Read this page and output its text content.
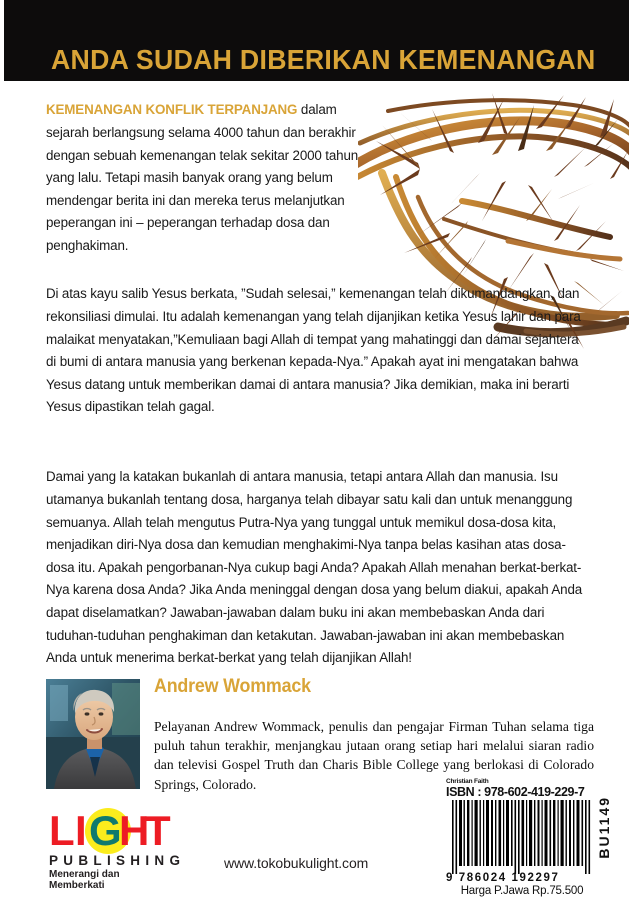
ANDA SUDAH DIBERIKAN KEMENANGAN

KEMENANGAN KONFLIK TERPANJANG dalam sejarah berlangsung selama 4000 tahun dan berakhir dengan sebuah kemenangan telak sekitar 2000 tahun yang lalu. Tetapi masih banyak orang yang belum mendengar berita ini dan mereka terus melanjutkan peperangan ini – peperangan terhadap dosa dan penghakiman.

Di atas kayu salib Yesus berkata, ”Sudah selesai,” kemenangan telah dikumandangkan, dan rekonsiliasi dimulai. Itu adalah kemenangan yang telah dijanjikan ketika Yesus lahir dan para malaikat menyatakan,”Kemuliaan bagi Allah di tempat yang mahatinggi dan damai sejahtera di bumi di antara manusia yang berkenan kepada-Nya.” Apakah ayat ini mengatakan bahwa Yesus datang untuk memberikan damai di antara manusia? Jika demikian, maka ini berarti Yesus dipastikan telah gagal.

Damai yang la katakan bukanlah di antara manusia, tetapi antara Allah dan manusia. Isu utamanya bukanlah tentang dosa, harganya telah dibayar satu kali dan untuk menanggung semuanya. Allah telah mengutus Putra-Nya yang tunggal untuk memikul dosa-dosa kita, menjadikan diri-Nya dosa dan kemudian menghakimi-Nya tanpa belas kasihan atas dosa-dosa itu. Apakah pengorbanan-Nya cukup bagi Anda? Apakah Allah menahan berkat-berkat-Nya karena dosa Anda? Jika Anda meninggal dengan dosa yang belum diakui, apakah Anda dapat diselamatkan? Jawaban-jawaban dalam buku ini akan membebaskan Anda dari tuduhan-tuduhan penghakiman dan ketakutan. Jawaban-jawaban ini akan membebaskan Anda untuk menerima berkat-berkat yang telah dijanjikan Allah!

Andrew Wommack

Pelayanan Andrew Wommack, penulis dan pengajar Firman Tuhan selama tiga puluh tahun terakhir, menjangkau jutaan orang setiap hari melalui siaran radio dan televisi Gospel Truth dan Charis Bible College yang berlokasi di Colorado Springs, Colorado.

L I G
H
T
PUBLISHING
Menerangi dan Memberkati
www.tokobukulight.com
Christian Faith
ISBN : 978-602-419-229-7
9 786024 192297
Harga P.Jawa Rp.75.500
BU1149
